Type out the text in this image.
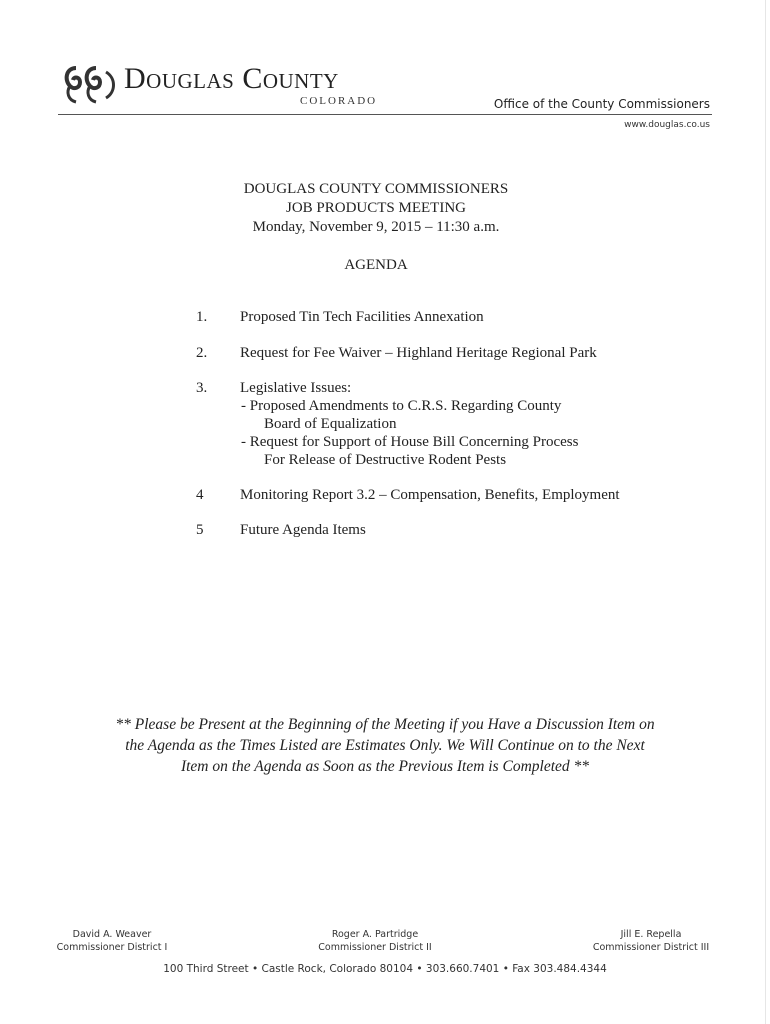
Douglas County
COLORADO	Office of the County Commissioners
www.douglas.co.us
DOUGLAS COUNTY COMMISSIONERS
JOB PRODUCTS MEETING
Monday, November 9, 2015 – 11:30 a.m.
AGENDA
1.	Proposed Tin Tech Facilities Annexation
2.	Request for Fee Waiver – Highland Heritage Regional Park
3.	Legislative Issues:
- Proposed Amendments to C.R.S. Regarding County
Board of Equalization
- Request for Support of House Bill Concerning Process
For Release of Destructive Rodent Pests
4	Monitoring Report 3.2 – Compensation, Benefits, Employment
5	Future Agenda Items
** Please be Present at the Beginning of the Meeting if you Have a Discussion Item on
the Agenda as the Times Listed are Estimates Only. We Will Continue on to the Next
Item on the Agenda as Soon as the Previous Item is Completed **
David A. Weaver
Commissioner District I
Roger A. Partridge
Commissioner District II
Jill E. Repella
Commissioner District III
100 Third Street • Castle Rock, Colorado 80104 • 303.660.7401 • Fax 303.484.4344
